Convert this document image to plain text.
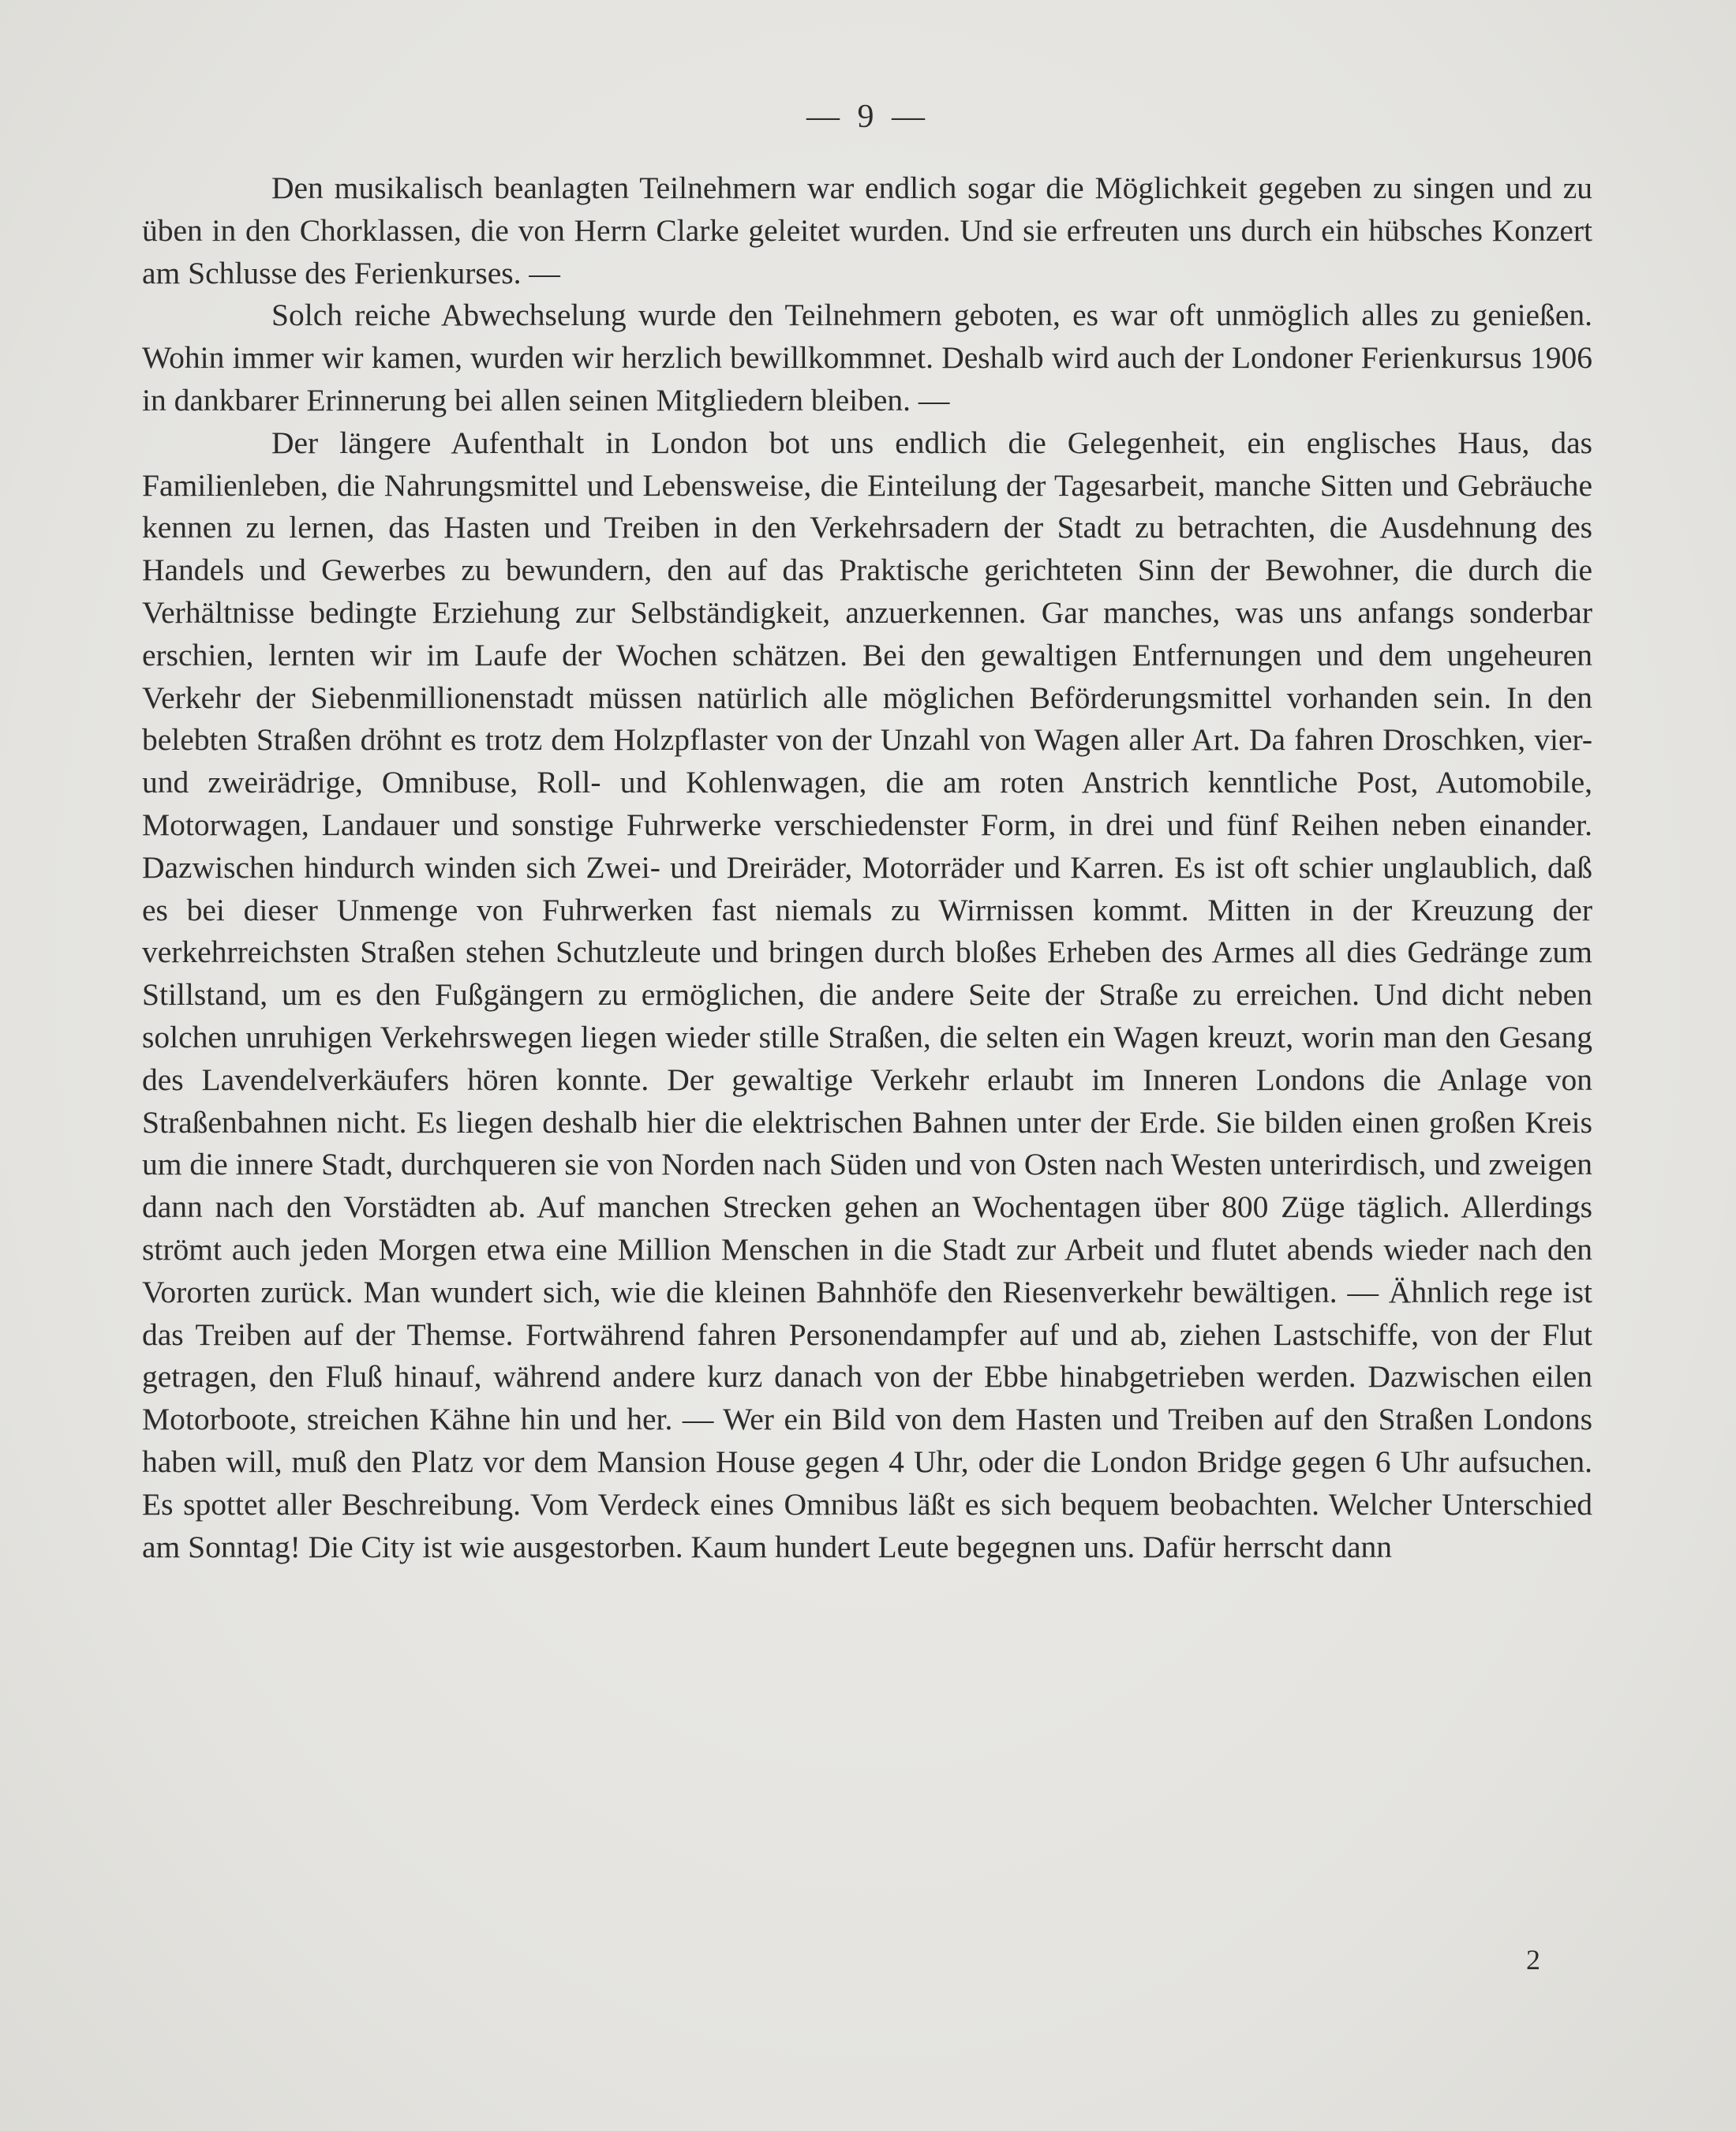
— 9 —

Den musikalisch beanlagten Teilnehmern war endlich sogar die Möglichkeit gegeben zu singen und zu üben in den Chorklassen, die von Herrn Clarke geleitet wurden. Und sie erfreuten uns durch ein hübsches Konzert am Schlusse des Ferienkurses. —

Solch reiche Abwechselung wurde den Teilnehmern geboten, es war oft unmöglich alles zu genießen. Wohin immer wir kamen, wurden wir herzlich bewillkommnet. Deshalb wird auch der Londoner Ferienkursus 1906 in dankbarer Erinnerung bei allen seinen Mitgliedern bleiben. —

Der längere Aufenthalt in London bot uns endlich die Gelegenheit, ein englisches Haus, das Familienleben, die Nahrungsmittel und Lebensweise, die Einteilung der Tagesarbeit, manche Sitten und Gebräuche kennen zu lernen, das Hasten und Treiben in den Verkehrsadern der Stadt zu betrachten, die Ausdehnung des Handels und Gewerbes zu bewundern, den auf das Praktische gerichteten Sinn der Bewohner, die durch die Verhältnisse bedingte Erziehung zur Selbständigkeit, anzuerkennen. Gar manches, was uns anfangs sonderbar erschien, lernten wir im Laufe der Wochen schätzen. Bei den gewaltigen Entfernungen und dem ungeheuren Verkehr der Siebenmillionenstadt müssen natürlich alle möglichen Beförderungsmittel vorhanden sein. In den belebten Straßen dröhnt es trotz dem Holzpflaster von der Unzahl von Wagen aller Art. Da fahren Droschken, vier- und zweirädrige, Omnibuse, Roll- und Kohlenwagen, die am roten Anstrich kenntliche Post, Automobile, Motorwagen, Landauer und sonstige Fuhrwerke verschiedenster Form, in drei und fünf Reihen neben einander. Dazwischen hindurch winden sich Zwei- und Dreiräder, Motorräder und Karren. Es ist oft schier unglaublich, daß es bei dieser Unmenge von Fuhrwerken fast niemals zu Wirrnissen kommt. Mitten in der Kreuzung der verkehrreichsten Straßen stehen Schutzleute und bringen durch bloßes Erheben des Armes all dies Gedränge zum Stillstand, um es den Fußgängern zu ermöglichen, die andere Seite der Straße zu erreichen. Und dicht neben solchen unruhigen Verkehrswegen liegen wieder stille Straßen, die selten ein Wagen kreuzt, worin man den Gesang des Lavendelverkäufers hören konnte. Der gewaltige Verkehr erlaubt im Inneren Londons die Anlage von Straßenbahnen nicht. Es liegen deshalb hier die elektrischen Bahnen unter der Erde. Sie bilden einen großen Kreis um die innere Stadt, durchqueren sie von Norden nach Süden und von Osten nach Westen unterirdisch, und zweigen dann nach den Vorstädten ab. Auf manchen Strecken gehen an Wochentagen über 800 Züge täglich. Allerdings strömt auch jeden Morgen etwa eine Million Menschen in die Stadt zur Arbeit und flutet abends wieder nach den Vororten zurück. Man wundert sich, wie die kleinen Bahnhöfe den Riesenverkehr bewältigen. — Ähnlich rege ist das Treiben auf der Themse. Fortwährend fahren Personendampfer auf und ab, ziehen Lastschiffe, von der Flut getragen, den Fluß hinauf, während andere kurz danach von der Ebbe hinabgetrieben werden. Dazwischen eilen Motorboote, streichen Kähne hin und her. — Wer ein Bild von dem Hasten und Treiben auf den Straßen Londons haben will, muß den Platz vor dem Mansion House gegen 4 Uhr, oder die London Bridge gegen 6 Uhr aufsuchen. Es spottet aller Beschreibung. Vom Verdeck eines Omnibus läßt es sich bequem beobachten. Welcher Unterschied am Sonntag! Die City ist wie ausgestorben. Kaum hundert Leute begegnen uns. Dafür herrscht dann

2
